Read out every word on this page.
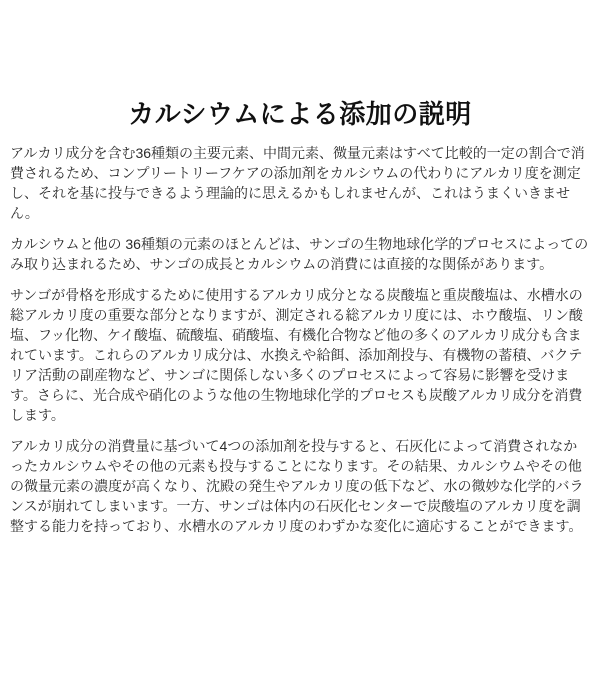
カルシウムによる添加の説明

アルカリ成分を含む36種類の主要元素、中間元素、微量元素はすべて比較的一定の割合で消費されるため、コンプリートリーフケアの添加剤をカルシウムの代わりにアルカリ度を測定し、それを基に投与できるよう理論的に思えるかもしれませんが、これはうまくいきません。

カルシウムと他の 36種類の元素のほとんどは、サンゴの生物地球化学的プロセスによってのみ取り込まれるため、サンゴの成長とカルシウムの消費には直接的な関係があります。

サンゴが骨格を形成するために使用するアルカリ成分となる炭酸塩と重炭酸塩は、水槽水の総アルカリ度の重要な部分となりますが、測定される総アルカリ度には、ホウ酸塩、リン酸塩、フッ化物、ケイ酸塩、硫酸塩、硝酸塩、有機化合物など他の多くのアルカリ成分も含まれています。これらのアルカリ成分は、水換えや給餌、添加剤投与、有機物の蓄積、バクテリア活動の副産物など、サンゴに関係しない多くのプロセスによって容易に影響を受けます。さらに、光合成や硝化のような他の生物地球化学的プロセスも炭酸アルカリ成分を消費します。

アルカリ成分の消費量に基づいて4つの添加剤を投与すると、石灰化によって消費されなかったカルシウムやその他の元素も投与することになります。その結果、カルシウムやその他の微量元素の濃度が高くなり、沈殿の発生やアルカリ度の低下など、水の微妙な化学的バランスが崩れてしまいます。一方、サンゴは体内の石灰化センターで炭酸塩のアルカリ度を調整する能力を持っており、水槽水のアルカリ度のわずかな変化に適応することができます。
